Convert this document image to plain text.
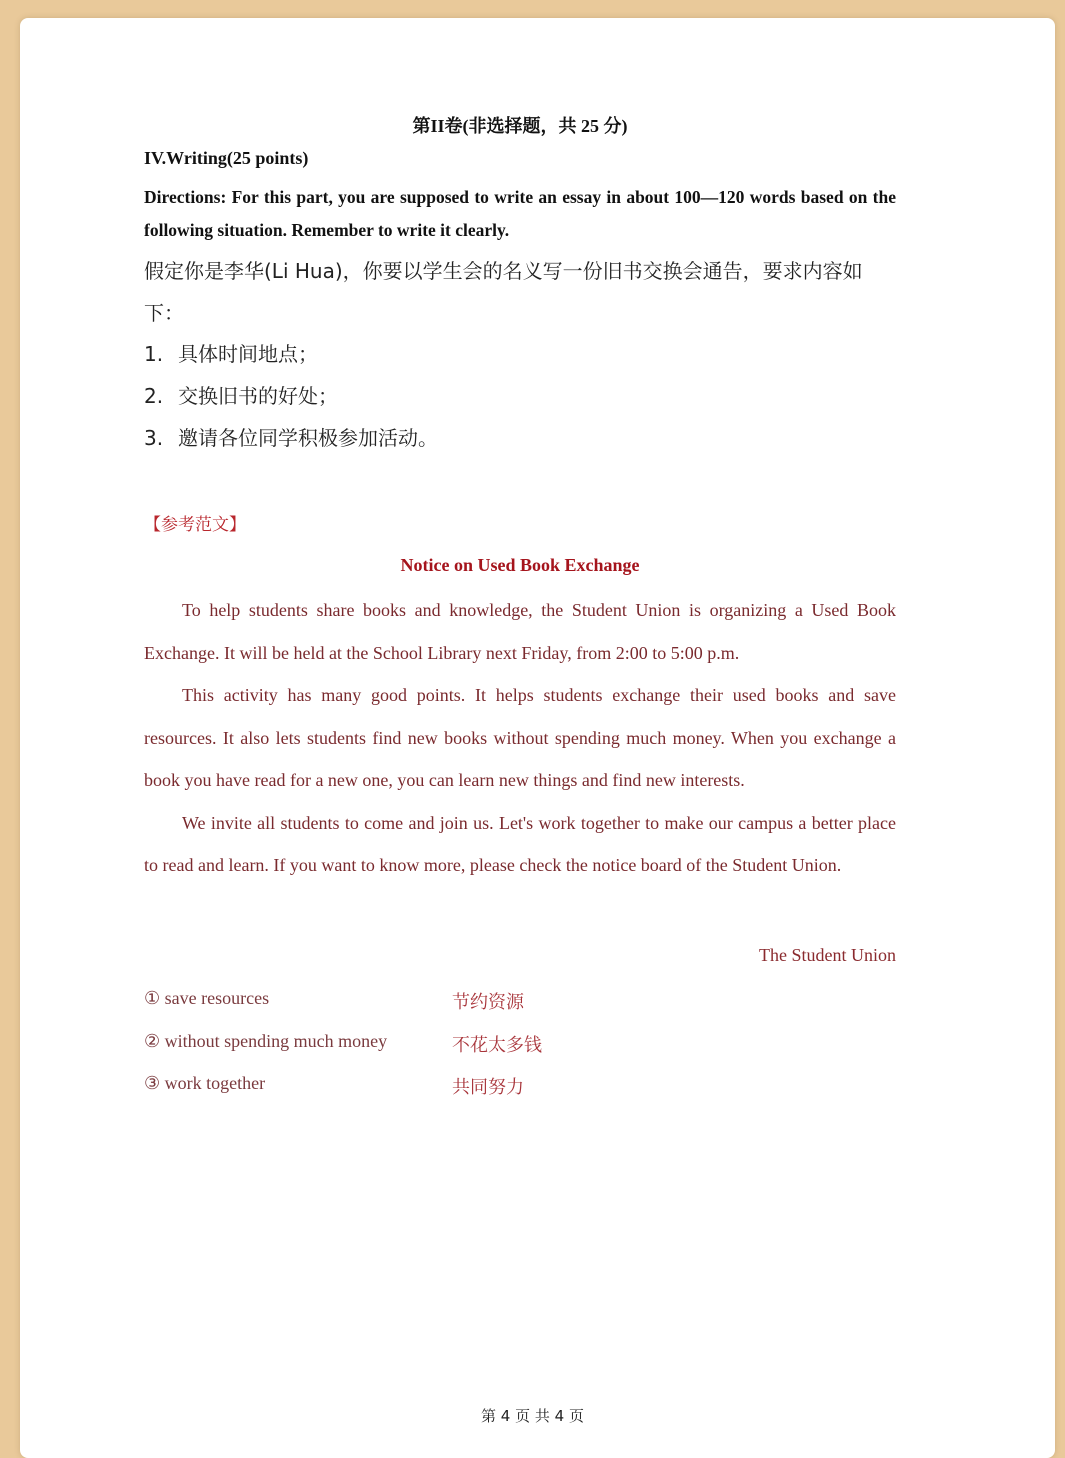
第II卷(非选择题，共 25 分)
IV.Writing(25 points)
Directions: For this part, you are supposed to write an essay in about 100—120 words based on the following situation. Remember to write it clearly.
假定你是李华(Li Hua)，你要以学生会的名义写一份旧书交换会通告，要求内容如下：
1. 具体时间地点；
2. 交换旧书的好处；
3. 邀请各位同学积极参加活动。
【参考范文】
Notice on Used Book Exchange

To help students share books and knowledge, the Student Union is organizing a Used Book Exchange. It will be held at the School Library next Friday, from 2:00 to 5:00 p.m.

This activity has many good points. It helps students exchange their used books and save resources. It also lets students find new books without spending much money. When you exchange a book you have read for a new one, you can learn new things and find new interests.

We invite all students to come and join us. Let's work together to make our campus a better place to read and learn. If you want to know more, please check the notice board of the Student Union.

The Student Union
① save resources	节约资源
② without spending much money	不花太多钱
③ work together	共同努力
第 4 页 共 4 页
